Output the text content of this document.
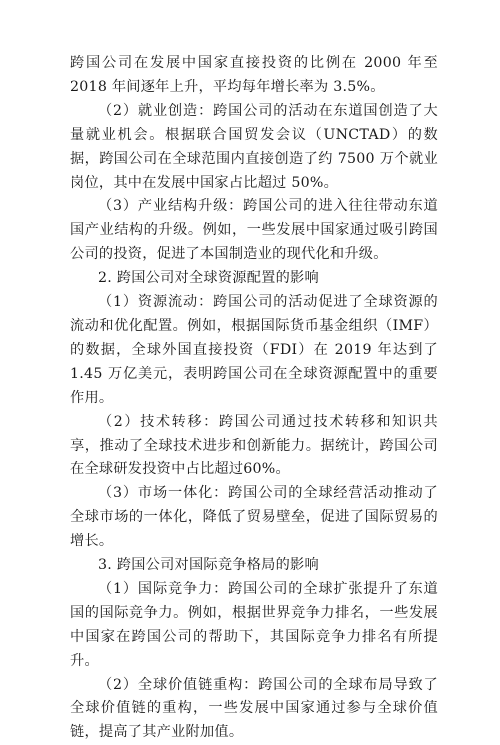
跨国公司在发展中国家直接投资的比例在 2000 年至 2018 年间逐年上升，平均每年增长率为 3.5%。

（2）就业创造：跨国公司的活动在东道国创造了大量就业机会。根据联合国贸发会议（UNCTAD）的数据，跨国公司在全球范围内直接创造了约 7500 万个就业岗位，其中在发展中国家占比超过 50%。

（3）产业结构升级：跨国公司的进入往往带动东道国产业结构的升级。例如，一些发展中国家通过吸引跨国公司的投资，促进了本国制造业的现代化和升级。

2. 跨国公司对全球资源配置的影响

（1）资源流动：跨国公司的活动促进了全球资源的流动和优化配置。例如，根据国际货币基金组织（IMF）的数据，全球外国直接投资（FDI）在 2019 年达到了 1.45 万亿美元，表明跨国公司在全球资源配置中的重要作用。

（2）技术转移：跨国公司通过技术转移和知识共享，推动了全球技术进步和创新能力。据统计，跨国公司在全球研发投资中占比超过60%。

（3）市场一体化：跨国公司的全球经营活动推动了全球市场的一体化，降低了贸易壁垒，促进了国际贸易的增长。

3. 跨国公司对国际竞争格局的影响

（1）国际竞争力：跨国公司的全球扩张提升了东道国的国际竞争力。例如，根据世界竞争力排名，一些发展中国家在跨国公司的帮助下，其国际竞争力排名有所提升。

（2）全球价值链重构：跨国公司的全球布局导致了全球价值链的重构，一些发展中国家通过参与全球价值链，提高了其产业附加值。
